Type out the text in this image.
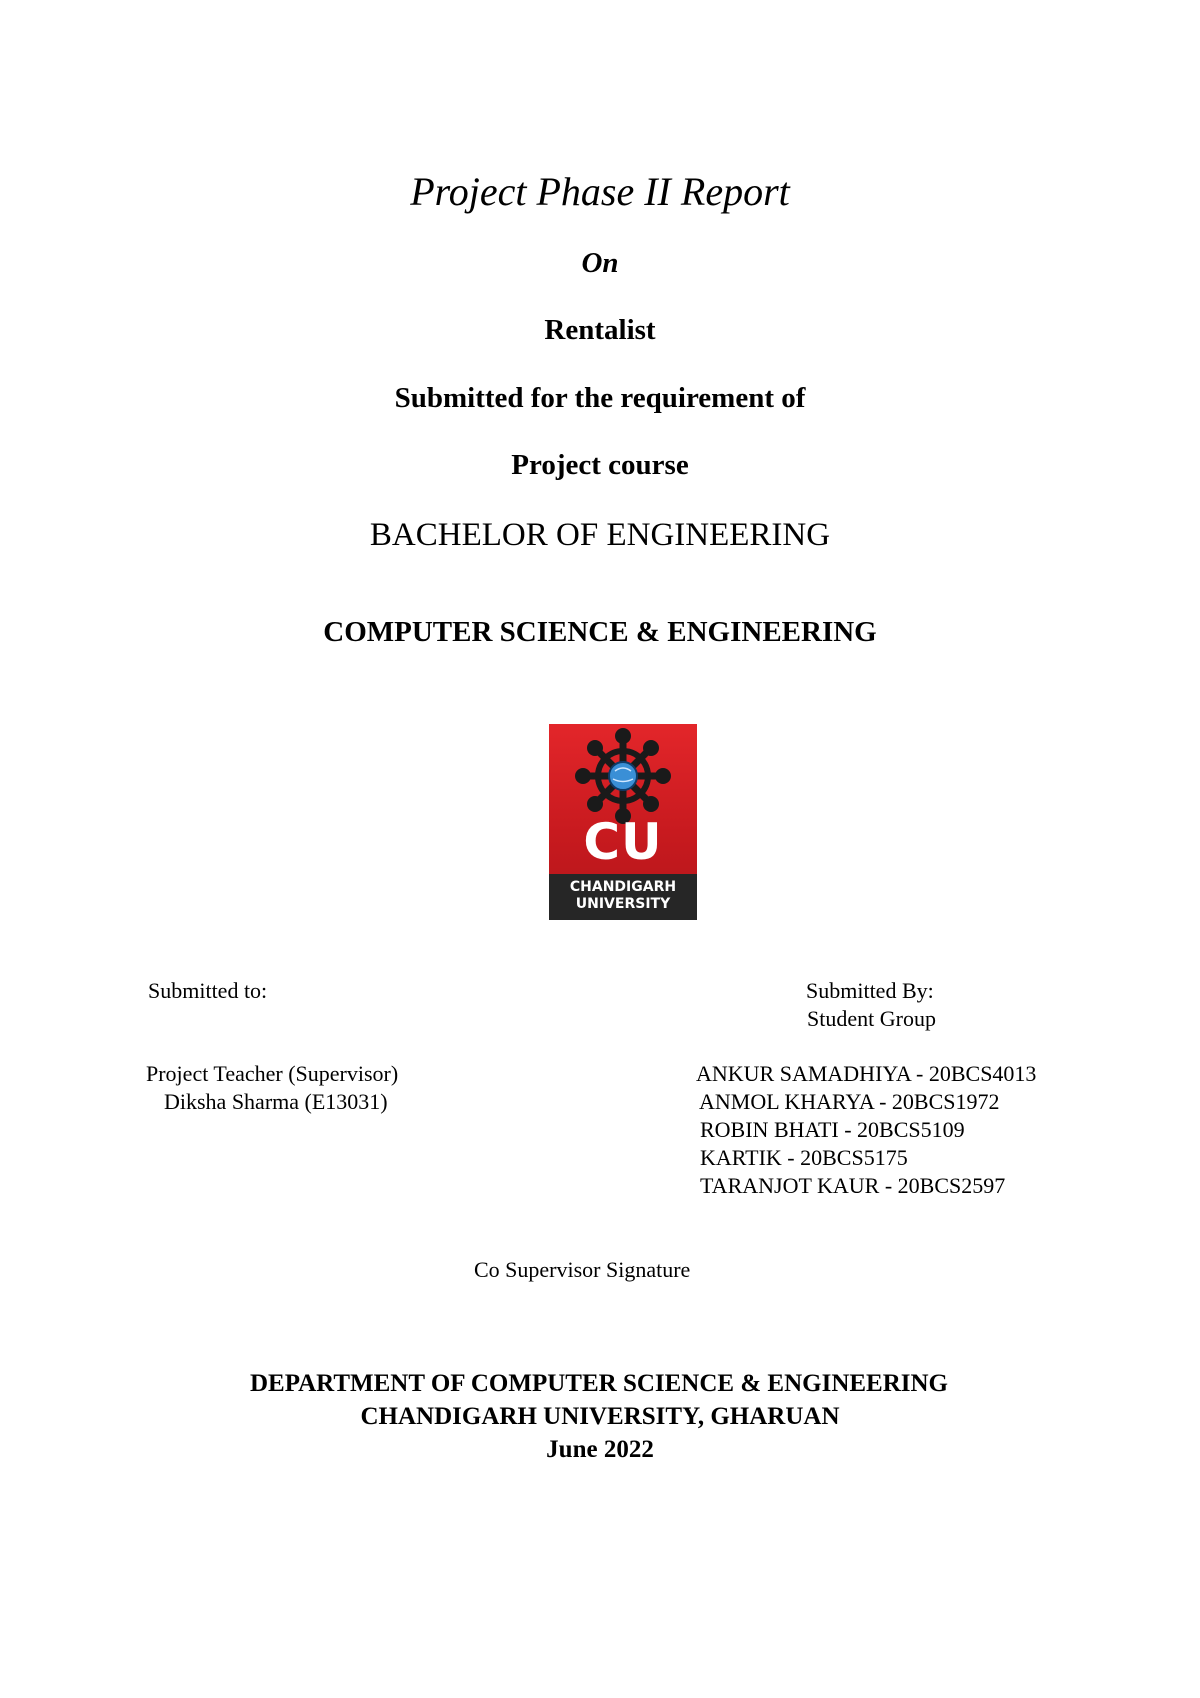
Project Phase II Report
On
Rentalist
Submitted for the requirement of
Project course
BACHELOR OF ENGINEERING
COMPUTER SCIENCE & ENGINEERING
CU
CHANDIGARH
UNIVERSITY
Submitted to:
Project Teacher (Supervisor)
Diksha Sharma (E13031)
Submitted By:
Student Group
ANKUR SAMADHIYA - 20BCS4013
ANMOL KHARYA - 20BCS1972
ROBIN BHATI - 20BCS5109
KARTIK - 20BCS5175
TARANJOT KAUR - 20BCS2597
Co Supervisor Signature
DEPARTMENT OF COMPUTER SCIENCE & ENGINEERING
CHANDIGARH UNIVERSITY, GHARUAN
June 2022
